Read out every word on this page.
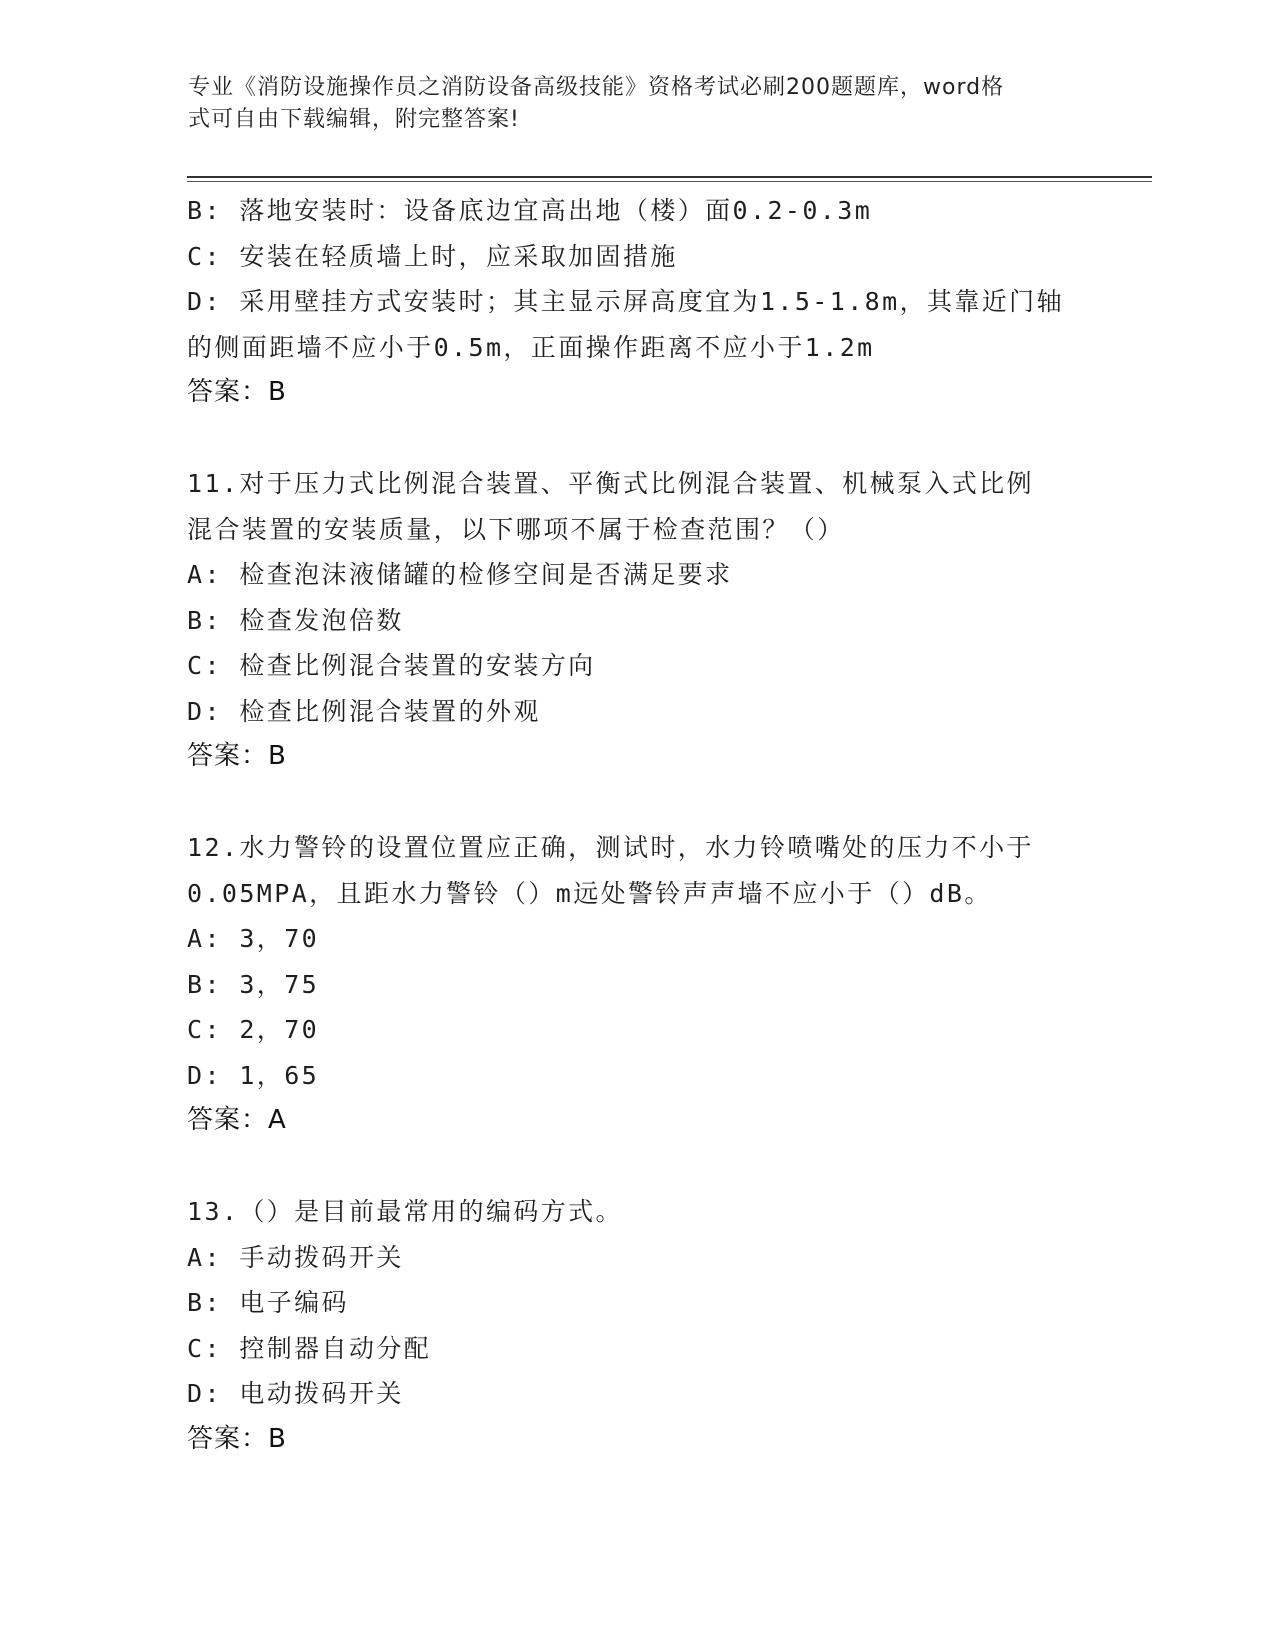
专业《消防设施操作员之消防设备高级技能》资格考试必刷200题题库，word格
式可自由下载编辑，附完整答案!
B: 落地安装时：设备底边宜高出地（楼）面0.2-0.3m
C: 安装在轻质墙上时，应采取加固措施
D: 采用壁挂方式安装时；其主显示屏高度宜为1.5-1.8m，其靠近门轴
的侧面距墙不应小于0.5m，正面操作距离不应小于1.2m
答案：B
11.对于压力式比例混合装置、平衡式比例混合装置、机械泵入式比例
混合装置的安装质量，以下哪项不属于检查范围？（）
A: 检查泡沫液储罐的检修空间是否满足要求
B: 检查发泡倍数
C: 检查比例混合装置的安装方向
D: 检查比例混合装置的外观
答案：B
12.水力警铃的设置位置应正确，测试时，水力铃喷嘴处的压力不小于
0.05MPA，且距水力警铃（）m远处警铃声声墙不应小于（）dB。
A: 3，70
B: 3，75
C: 2，70
D: 1，65
答案：A
13.（）是目前最常用的编码方式。
A: 手动拨码开关
B: 电子编码
C: 控制器自动分配
D: 电动拨码开关
答案：B
